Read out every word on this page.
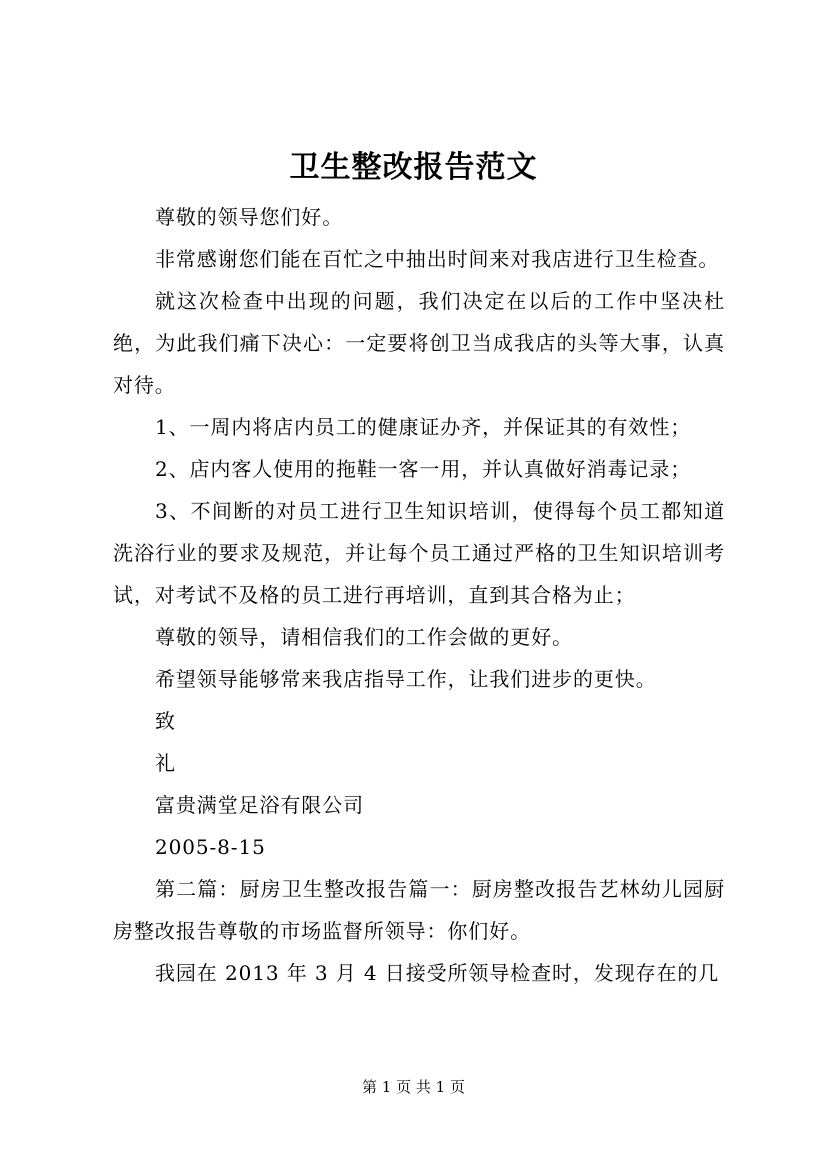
卫生整改报告范文

尊敬的领导您们好。

非常感谢您们能在百忙之中抽出时间来对我店进行卫生检查。

就这次检查中出现的问题，我们决定在以后的工作中坚决杜绝，为此我们痛下决心：一定要将创卫当成我店的头等大事，认真对待。

1、一周内将店内员工的健康证办齐，并保证其的有效性；

2、店内客人使用的拖鞋一客一用，并认真做好消毒记录；

3、不间断的对员工进行卫生知识培训，使得每个员工都知道洗浴行业的要求及规范，并让每个员工通过严格的卫生知识培训考试，对考试不及格的员工进行再培训，直到其合格为止；

尊敬的领导，请相信我们的工作会做的更好。

希望领导能够常来我店指导工作，让我们进步的更快。

致

礼

富贵满堂足浴有限公司

2005-8-15

第二篇：厨房卫生整改报告篇一：厨房整改报告艺林幼儿园厨房整改报告尊敬的市场监督所领导：你们好。

我园在 2013 年 3 月 4 日接受所领导检查时，发现存在的几

第 1 页 共 1 页
